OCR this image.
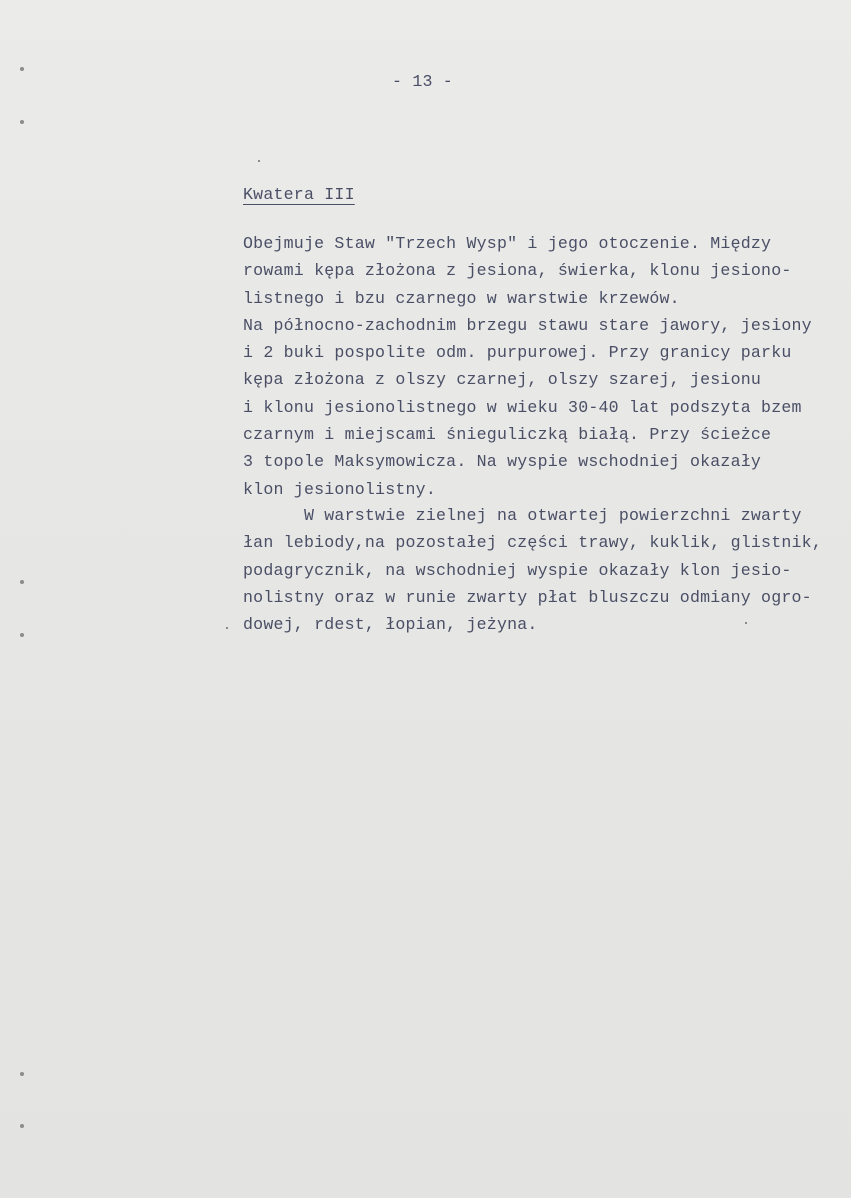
- 13 -
Kwatera III

Obejmuje Staw "Trzech Wysp" i jego otoczenie. Między
rowami kępa złożona z jesiona, świerka, klonu jesiono-
listnego i bzu czarnego w warstwie krzewów.
Na północno-zachodnim brzegu stawu stare jawory, jesiony
i 2 buki pospolite odm. purpurowej. Przy granicy parku
kępa złożona z olszy czarnej, olszy szarej, jesionu
i klonu jesionolistnego w wieku 30-40 lat podszyta bzem
czarnym i miejscami śnieguliczką białą. Przy ścieżce
3 topole Maksymowicza. Na wyspie wschodniej okazały
klon jesionolistny.

W warstwie zielnej na otwartej powierzchni zwarty
łan lebiody,na pozostałej części trawy, kuklik, glistnik,
podagrycznik, na wschodniej wyspie okazały klon jesio-
nolistny oraz w runie zwarty płat bluszczu odmiany ogro-
dowej, rdest, łopian, jeżyna.
